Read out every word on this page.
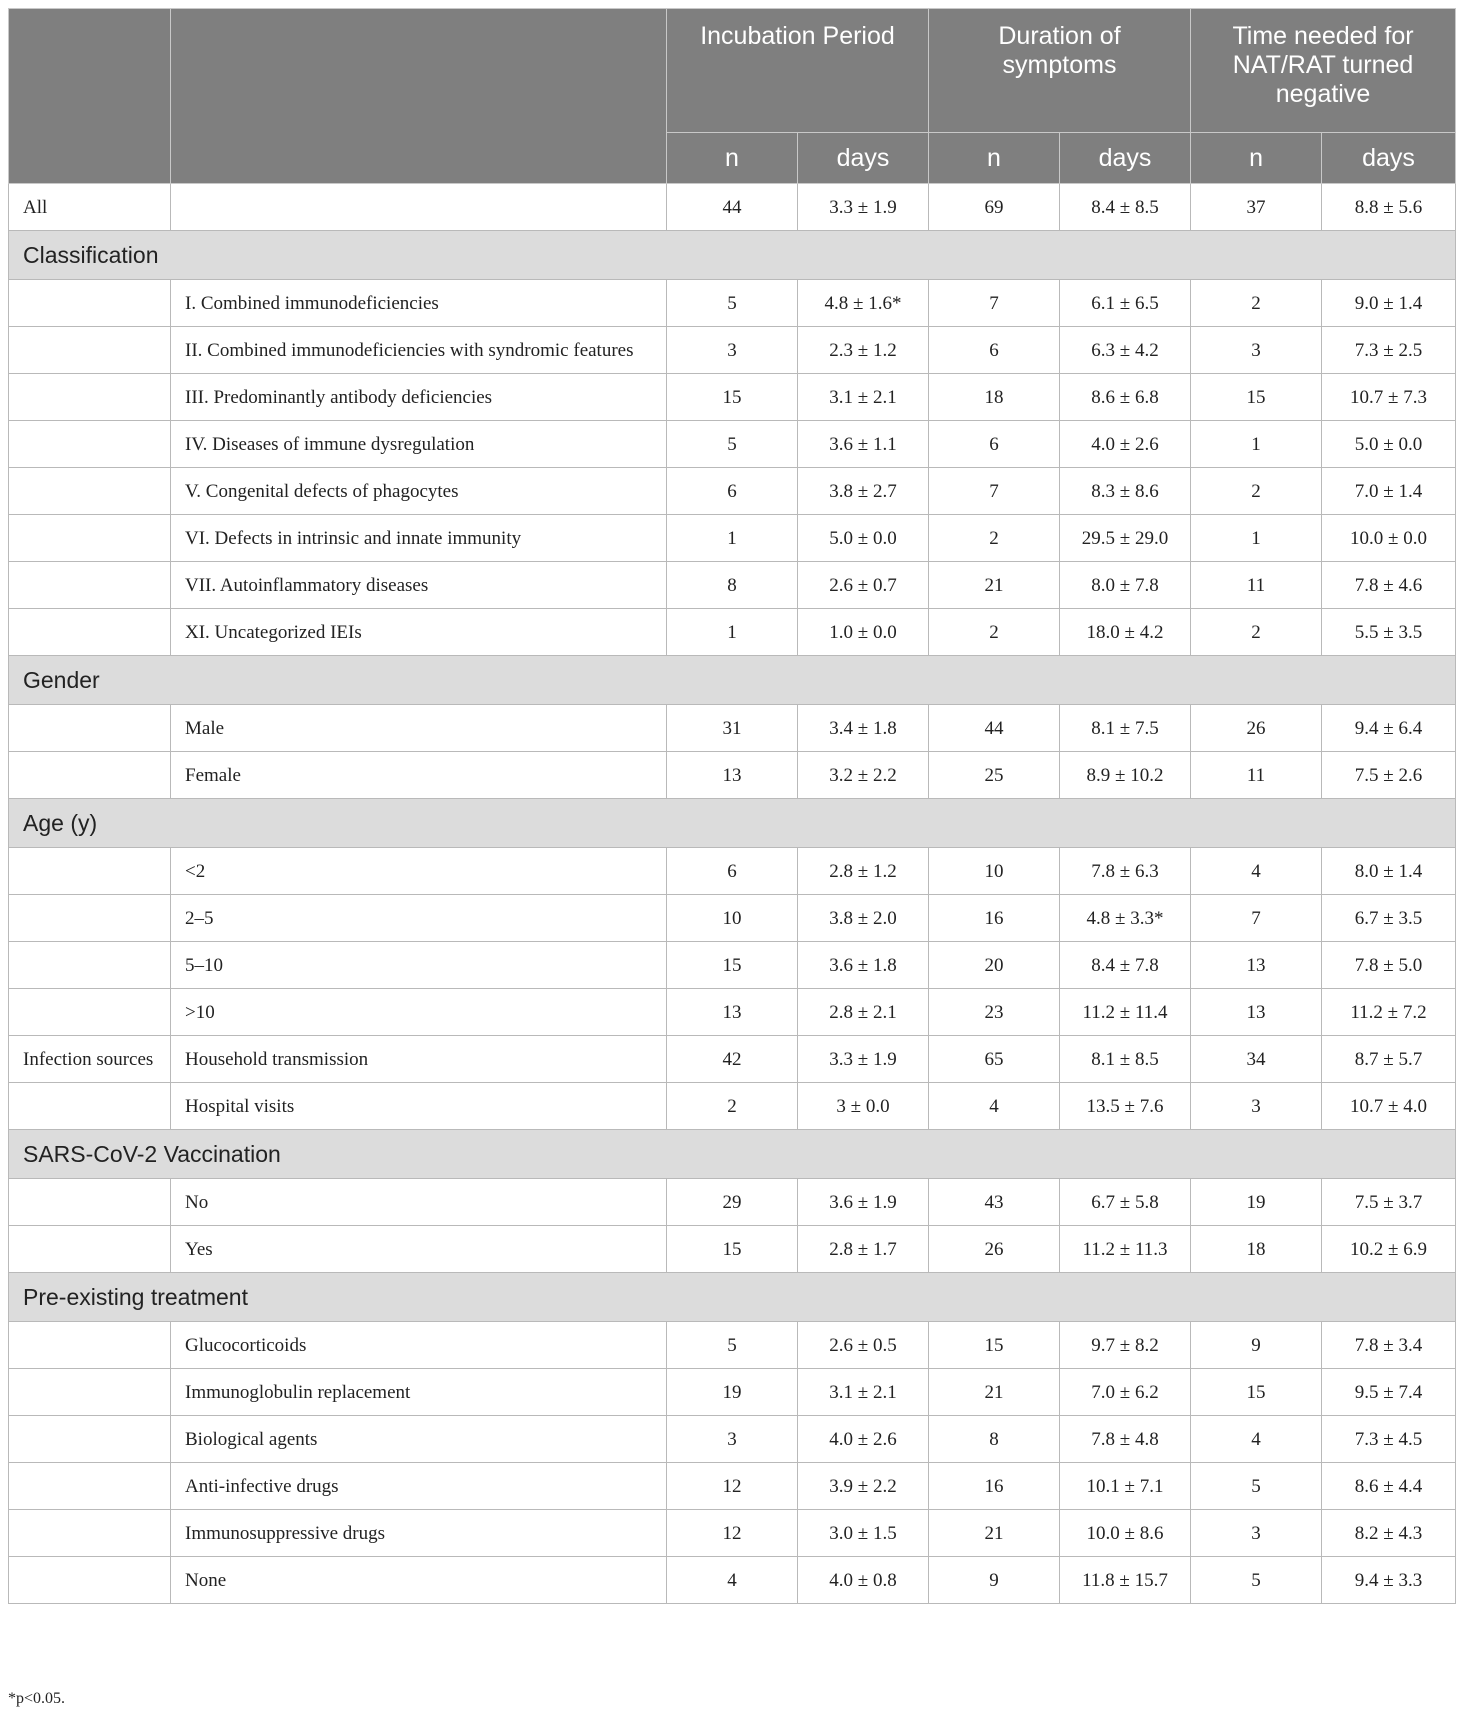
		Incubation Period		Duration of symptoms		Time needed for NAT/RAT turned negative	
		n	days	n	days	n	days
All		44	3.3 ± 1.9	69	8.4 ± 8.5	37	8.8 ± 5.6
Classification							
	I. Combined immunodeficiencies	5	4.8 ± 1.6*	7	6.1 ± 6.5	2	9.0 ± 1.4
	II. Combined immunodeficiencies with syndromic features	3	2.3 ± 1.2	6	6.3 ± 4.2	3	7.3 ± 2.5
	III. Predominantly antibody deficiencies	15	3.1 ± 2.1	18	8.6 ± 6.8	15	10.7 ± 7.3
	IV. Diseases of immune dysregulation	5	3.6 ± 1.1	6	4.0 ± 2.6	1	5.0 ± 0.0
	V. Congenital defects of phagocytes	6	3.8 ± 2.7	7	8.3 ± 8.6	2	7.0 ± 1.4
	VI. Defects in intrinsic and innate immunity	1	5.0 ± 0.0	2	29.5 ± 29.0	1	10.0 ± 0.0
	VII. Autoinflammatory diseases	8	2.6 ± 0.7	21	8.0 ± 7.8	11	7.8 ± 4.6
	XI. Uncategorized IEIs	1	1.0 ± 0.0	2	18.0 ± 4.2	2	5.5 ± 3.5
Gender							
	Male	31	3.4 ± 1.8	44	8.1 ± 7.5	26	9.4 ± 6.4
	Female	13	3.2 ± 2.2	25	8.9 ± 10.2	11	7.5 ± 2.6
Age (y)							
	<2	6	2.8 ± 1.2	10	7.8 ± 6.3	4	8.0 ± 1.4
	2–5	10	3.8 ± 2.0	16	4.8 ± 3.3*	7	6.7 ± 3.5
	5–10	15	3.6 ± 1.8	20	8.4 ± 7.8	13	7.8 ± 5.0
	>10	13	2.8 ± 2.1	23	11.2 ± 11.4	13	11.2 ± 7.2
Infection sources	Household transmission	42	3.3 ± 1.9	65	8.1 ± 8.5	34	8.7 ± 5.7
	Hospital visits	2	3 ± 0.0	4	13.5 ± 7.6	3	10.7 ± 4.0
SARS-CoV-2 Vaccination							
	No	29	3.6 ± 1.9	43	6.7 ± 5.8	19	7.5 ± 3.7
	Yes	15	2.8 ± 1.7	26	11.2 ± 11.3	18	10.2 ± 6.9
Pre-existing treatment							
	Glucocorticoids	5	2.6 ± 0.5	15	9.7 ± 8.2	9	7.8 ± 3.4
	Immunoglobulin replacement	19	3.1 ± 2.1	21	7.0 ± 6.2	15	9.5 ± 7.4
	Biological agents	3	4.0 ± 2.6	8	7.8 ± 4.8	4	7.3 ± 4.5
	Anti-infective drugs	12	3.9 ± 2.2	16	10.1 ± 7.1	5	8.6 ± 4.4
	Immunosuppressive drugs	12	3.0 ± 1.5	21	10.0 ± 8.6	3	8.2 ± 4.3
	None	4	4.0 ± 0.8	9	11.8 ± 15.7	5	9.4 ± 3.3
*p<0.05.
